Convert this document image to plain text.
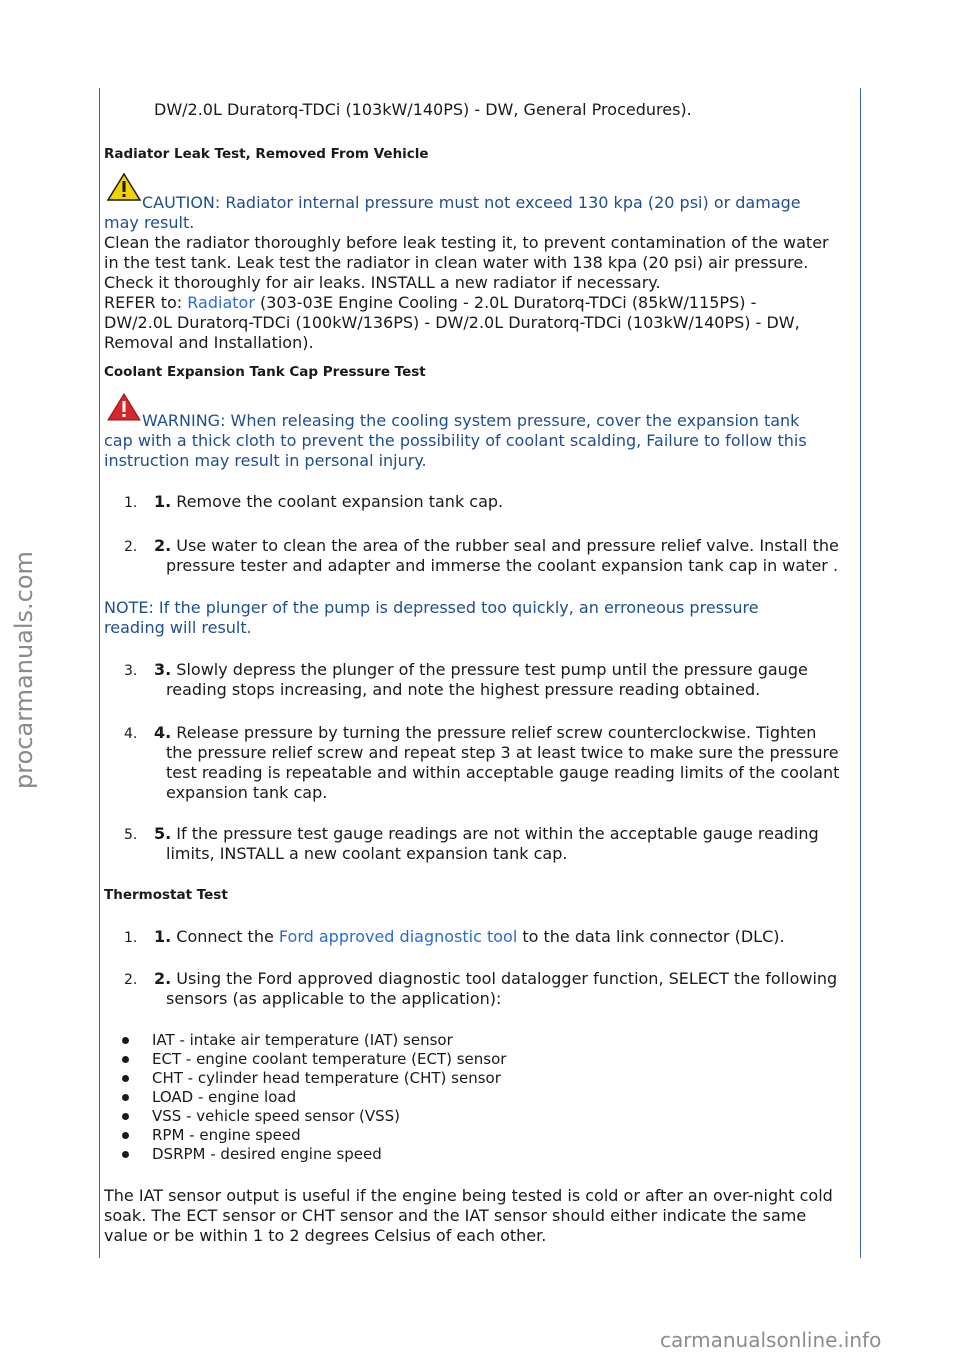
procarmanuals.com
carmanualsonline.info
DW/2.0L Duratorq-TDCi (103kW/140PS) - DW, General Procedures).
Radiator Leak Test, Removed From Vehicle
CAUTION: Radiator internal pressure must not exceed 130 kpa (20 psi) or damage
may result.
Clean the radiator thoroughly before leak testing it, to prevent contamination of the water
in the test tank. Leak test the radiator in clean water with 138 kpa (20 psi) air pressure.
Check it thoroughly for air leaks. INSTALL a new radiator if necessary.
REFER to: Radiator (303-03E Engine Cooling - 2.0L Duratorq-TDCi (85kW/115PS) -
DW/2.0L Duratorq-TDCi (100kW/136PS) - DW/2.0L Duratorq-TDCi (103kW/140PS) - DW,
Removal and Installation).
Coolant Expansion Tank Cap Pressure Test
WARNING: When releasing the cooling system pressure, cover the expansion tank
cap with a thick cloth to prevent the possibility of coolant scalding, Failure to follow this
instruction may result in personal injury.
1. 1. Remove the coolant expansion tank cap.
2. 2. Use water to clean the area of the rubber seal and pressure relief valve. Install the
pressure tester and adapter and immerse the coolant expansion tank cap in water .
NOTE: If the plunger of the pump is depressed too quickly, an erroneous pressure
reading will result.
3. 3. Slowly depress the plunger of the pressure test pump until the pressure gauge
reading stops increasing, and note the highest pressure reading obtained.
4. 4. Release pressure by turning the pressure relief screw counterclockwise. Tighten
the pressure relief screw and repeat step 3 at least twice to make sure the pressure
test reading is repeatable and within acceptable gauge reading limits of the coolant
expansion tank cap.
5. 5. If the pressure test gauge readings are not within the acceptable gauge reading
limits, INSTALL a new coolant expansion tank cap.
Thermostat Test
1. 1. Connect the Ford approved diagnostic tool to the data link connector (DLC).
2. 2. Using the Ford approved diagnostic tool datalogger function, SELECT the following
sensors (as applicable to the application):
IAT - intake air temperature (IAT) sensor
ECT - engine coolant temperature (ECT) sensor
CHT - cylinder head temperature (CHT) sensor
LOAD - engine load
VSS - vehicle speed sensor (VSS)
RPM - engine speed
DSRPM - desired engine speed
The IAT sensor output is useful if the engine being tested is cold or after an over-night cold
soak. The ECT sensor or CHT sensor and the IAT sensor should either indicate the same
value or be within 1 to 2 degrees Celsius of each other.
